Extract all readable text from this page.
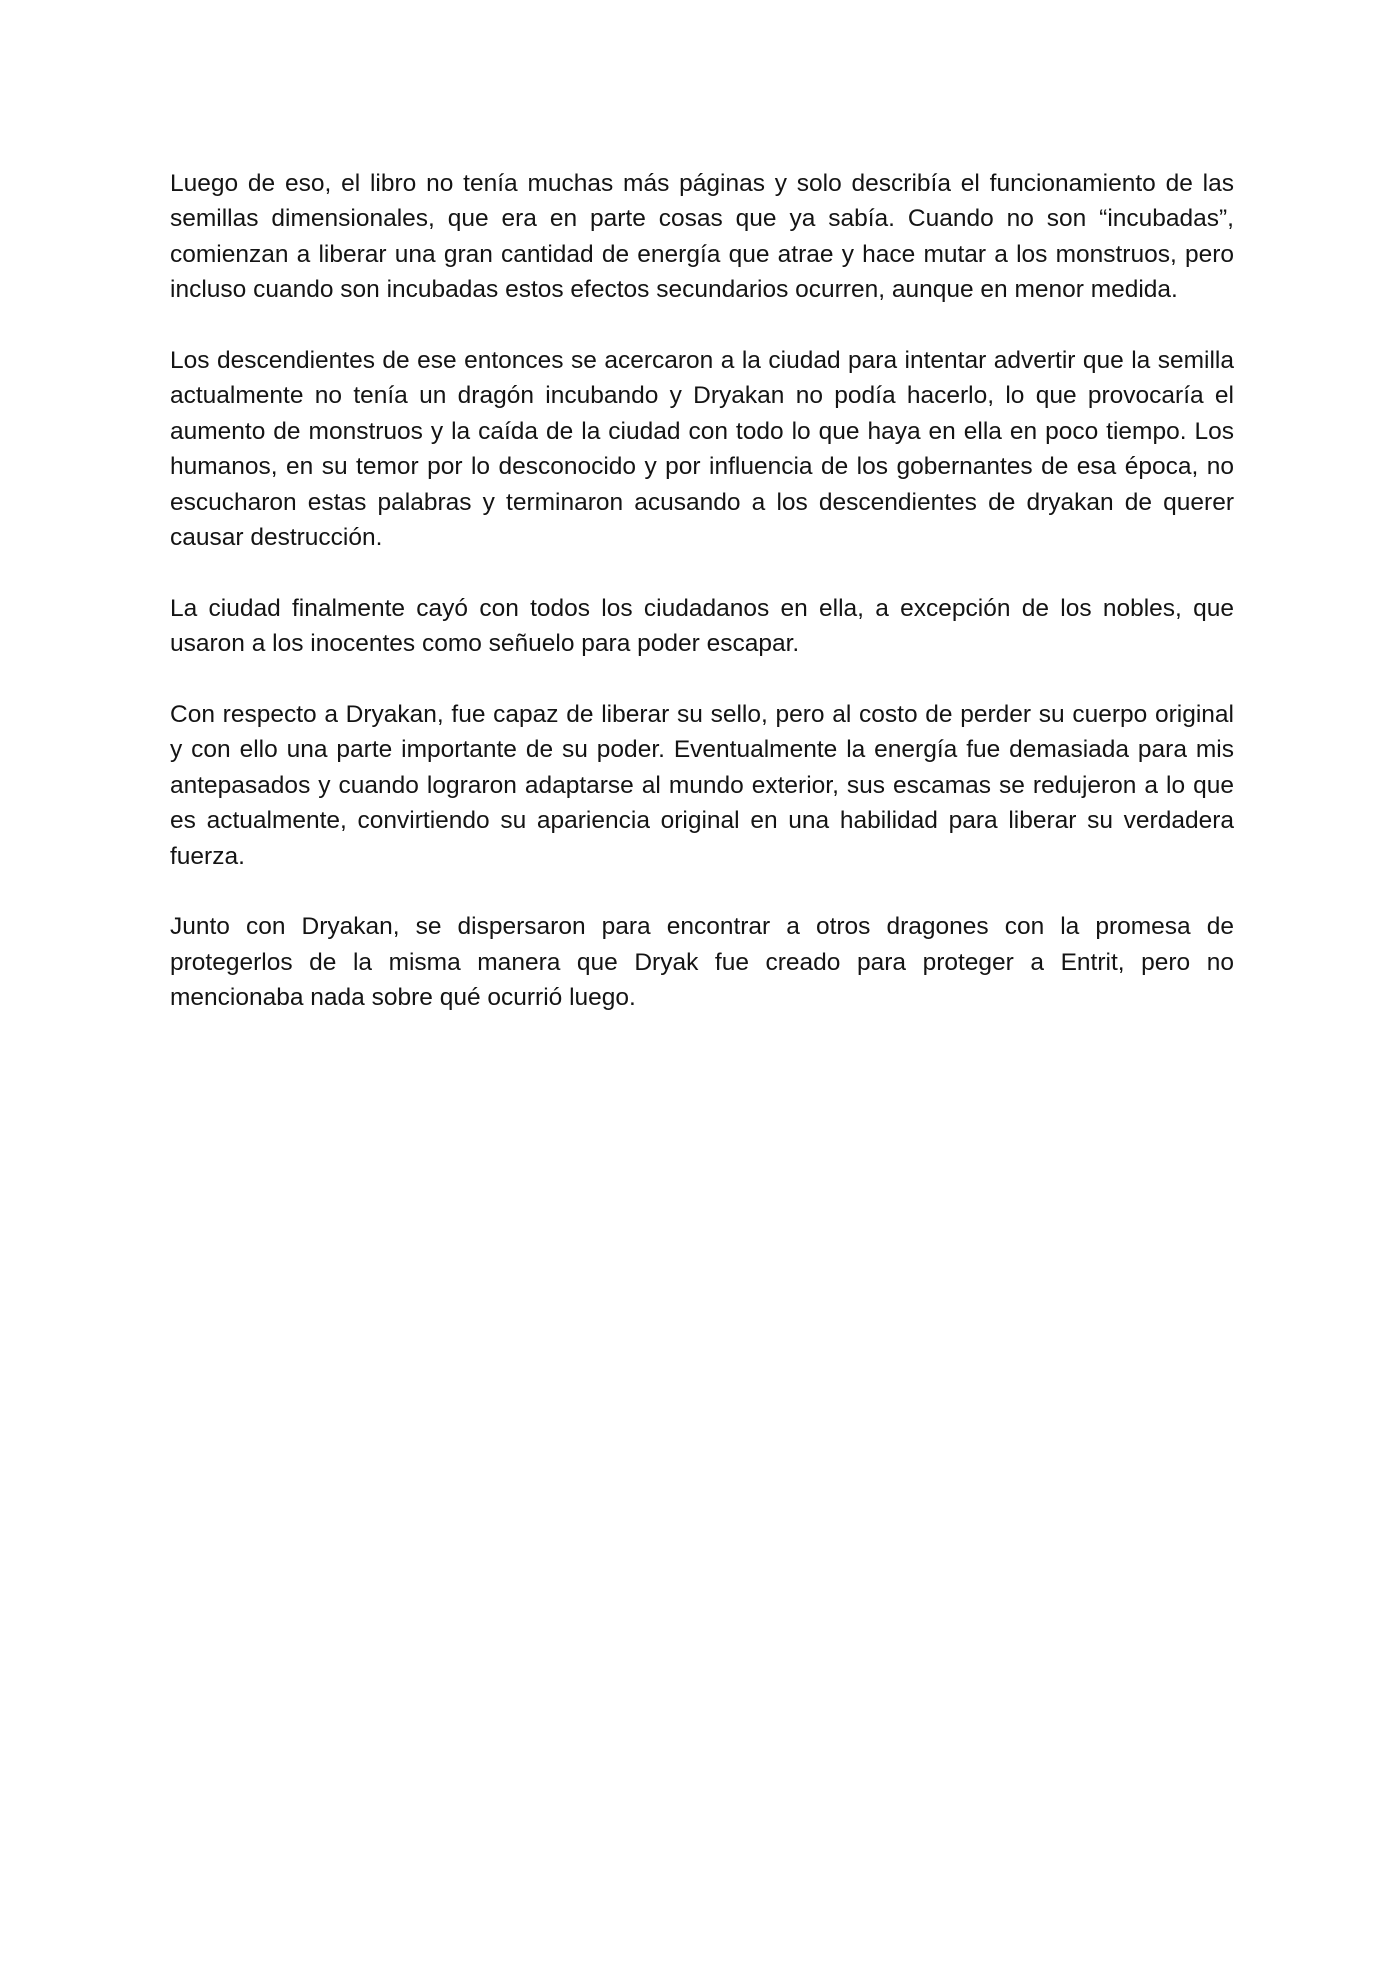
Luego de eso, el libro no tenía muchas más páginas y solo describía el funcionamiento de las semillas dimensionales, que era en parte cosas que ya sabía. Cuando no son “incubadas”, comienzan a liberar una gran cantidad de energía que atrae y hace mutar a los monstruos, pero incluso cuando son incubadas estos efectos secundarios ocurren, aunque en menor medida.

Los descendientes de ese entonces se acercaron a la ciudad para intentar advertir que la semilla actualmente no tenía un dragón incubando y Dryakan no podía hacerlo, lo que provocaría el aumento de monstruos y la caída de la ciudad con todo lo que haya en ella en poco tiempo. Los humanos, en su temor por lo desconocido y por influencia de los gobernantes de esa época, no escucharon estas palabras y terminaron acusando a los descendientes de dryakan de querer causar destrucción.

La ciudad finalmente cayó con todos los ciudadanos en ella, a excepción de los nobles, que usaron a los inocentes como señuelo para poder escapar.

Con respecto a Dryakan, fue capaz de liberar su sello, pero al costo de perder su cuerpo original y con ello una parte importante de su poder. Eventualmente la energía fue demasiada para mis antepasados y cuando lograron adaptarse al mundo exterior, sus escamas se redujeron a lo que es actualmente, convirtiendo su apariencia original en una habilidad para liberar su verdadera fuerza.

Junto con Dryakan, se dispersaron para encontrar a otros dragones con la promesa de protegerlos de la misma manera que Dryak fue creado para proteger a Entrit, pero no mencionaba nada sobre qué ocurrió luego.
